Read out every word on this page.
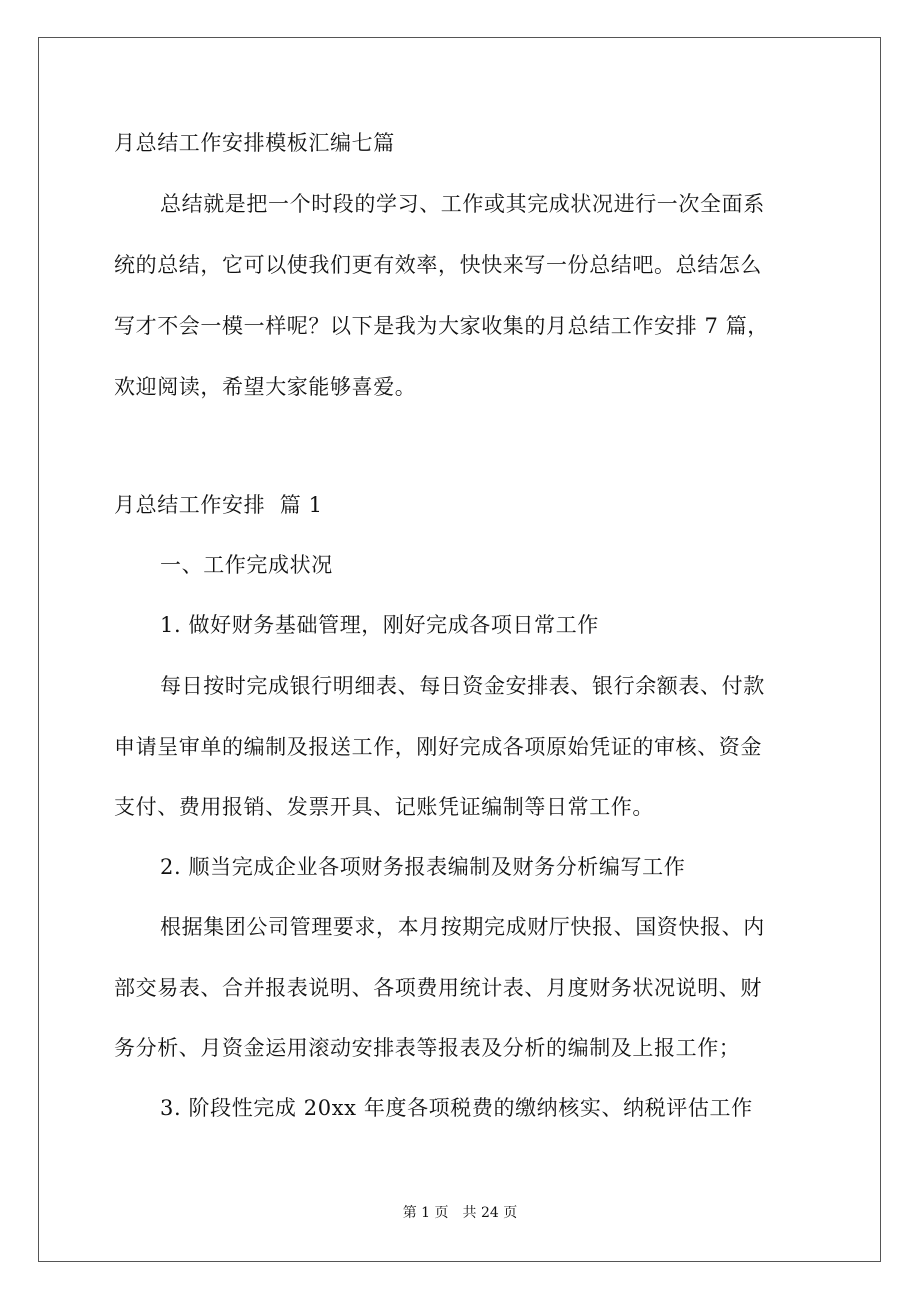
月总结工作安排模板汇编七篇
总结就是把一个时段的学习、工作或其完成状况进行一次全面系
统的总结，它可以使我们更有效率，快快来写一份总结吧。总结怎么
写才不会一模一样呢？以下是我为大家收集的月总结工作安排 7 篇，
欢迎阅读，希望大家能够喜爱。
月总结工作安排  篇 1
一、工作完成状况
1. 做好财务基础管理，刚好完成各项日常工作
每日按时完成银行明细表、每日资金安排表、银行余额表、付款
申请呈审单的编制及报送工作，刚好完成各项原始凭证的审核、资金
支付、费用报销、发票开具、记账凭证编制等日常工作。
2. 顺当完成企业各项财务报表编制及财务分析编写工作
根据集团公司管理要求，本月按期完成财厅快报、国资快报、内
部交易表、合并报表说明、各项费用统计表、月度财务状况说明、财
务分析、月资金运用滚动安排表等报表及分析的编制及上报工作；
3. 阶段性完成 20xx 年度各项税费的缴纳核实、纳税评估工作
第 1 页 共 24 页
